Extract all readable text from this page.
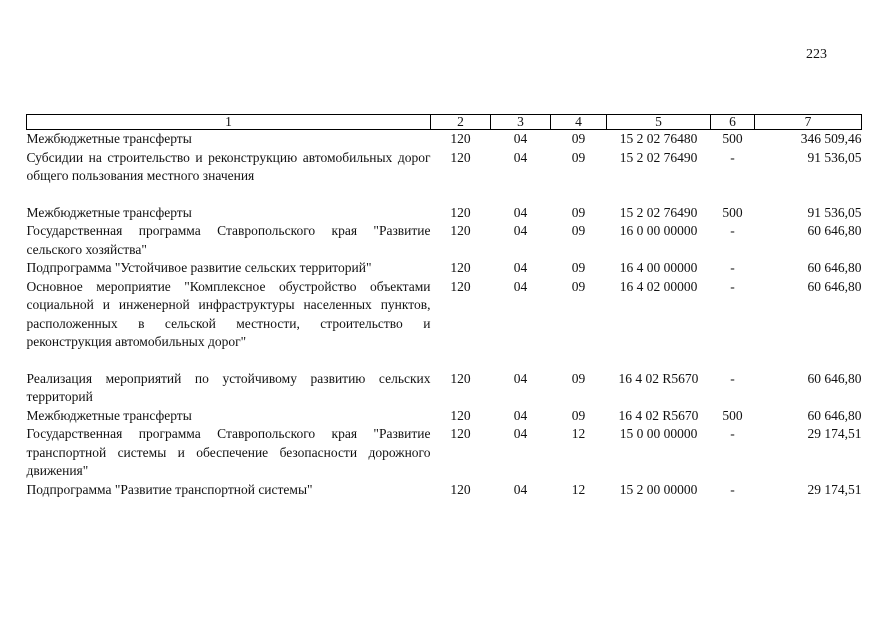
223
1	2	3	4	5	6	7
Межбюджетные трансферты	120	04	09	15 2 02 76480	500	346 509,46
Субсидии на строительство и реконструкцию автомобильных дорог общего пользования местного значения	120	04	09	15 2 02 76490	-	91 536,05

Межбюджетные трансферты	120	04	09	15 2 02 76490	500	91 536,05
Государственная программа Ставропольского края "Развитие сельского хозяйства"	120	04	09	16 0 00 00000	-	60 646,80
Подпрограмма "Устойчивое развитие сельских территорий"	120	04	09	16 4 00 00000	-	60 646,80
Основное мероприятие "Комплексное обустройство объектами социальной и инженерной инфраструктуры населенных пунктов, расположенных в сельской местности, строительство и реконструкция автомобильных дорог"	120	04	09	16 4 02 00000	-	60 646,80

Реализация мероприятий по устойчивому развитию сельских территорий	120	04	09	16 4 02 R5670	-	60 646,80
Межбюджетные трансферты	120	04	09	16 4 02 R5670	500	60 646,80
Государственная программа Ставропольского края "Развитие транспортной системы и обеспечение безопасности дорожного движения"	120	04	12	15 0 00 00000	-	29 174,51
Подпрограмма "Развитие транспортной системы"	120	04	12	15 2 00 00000	-	29 174,51
